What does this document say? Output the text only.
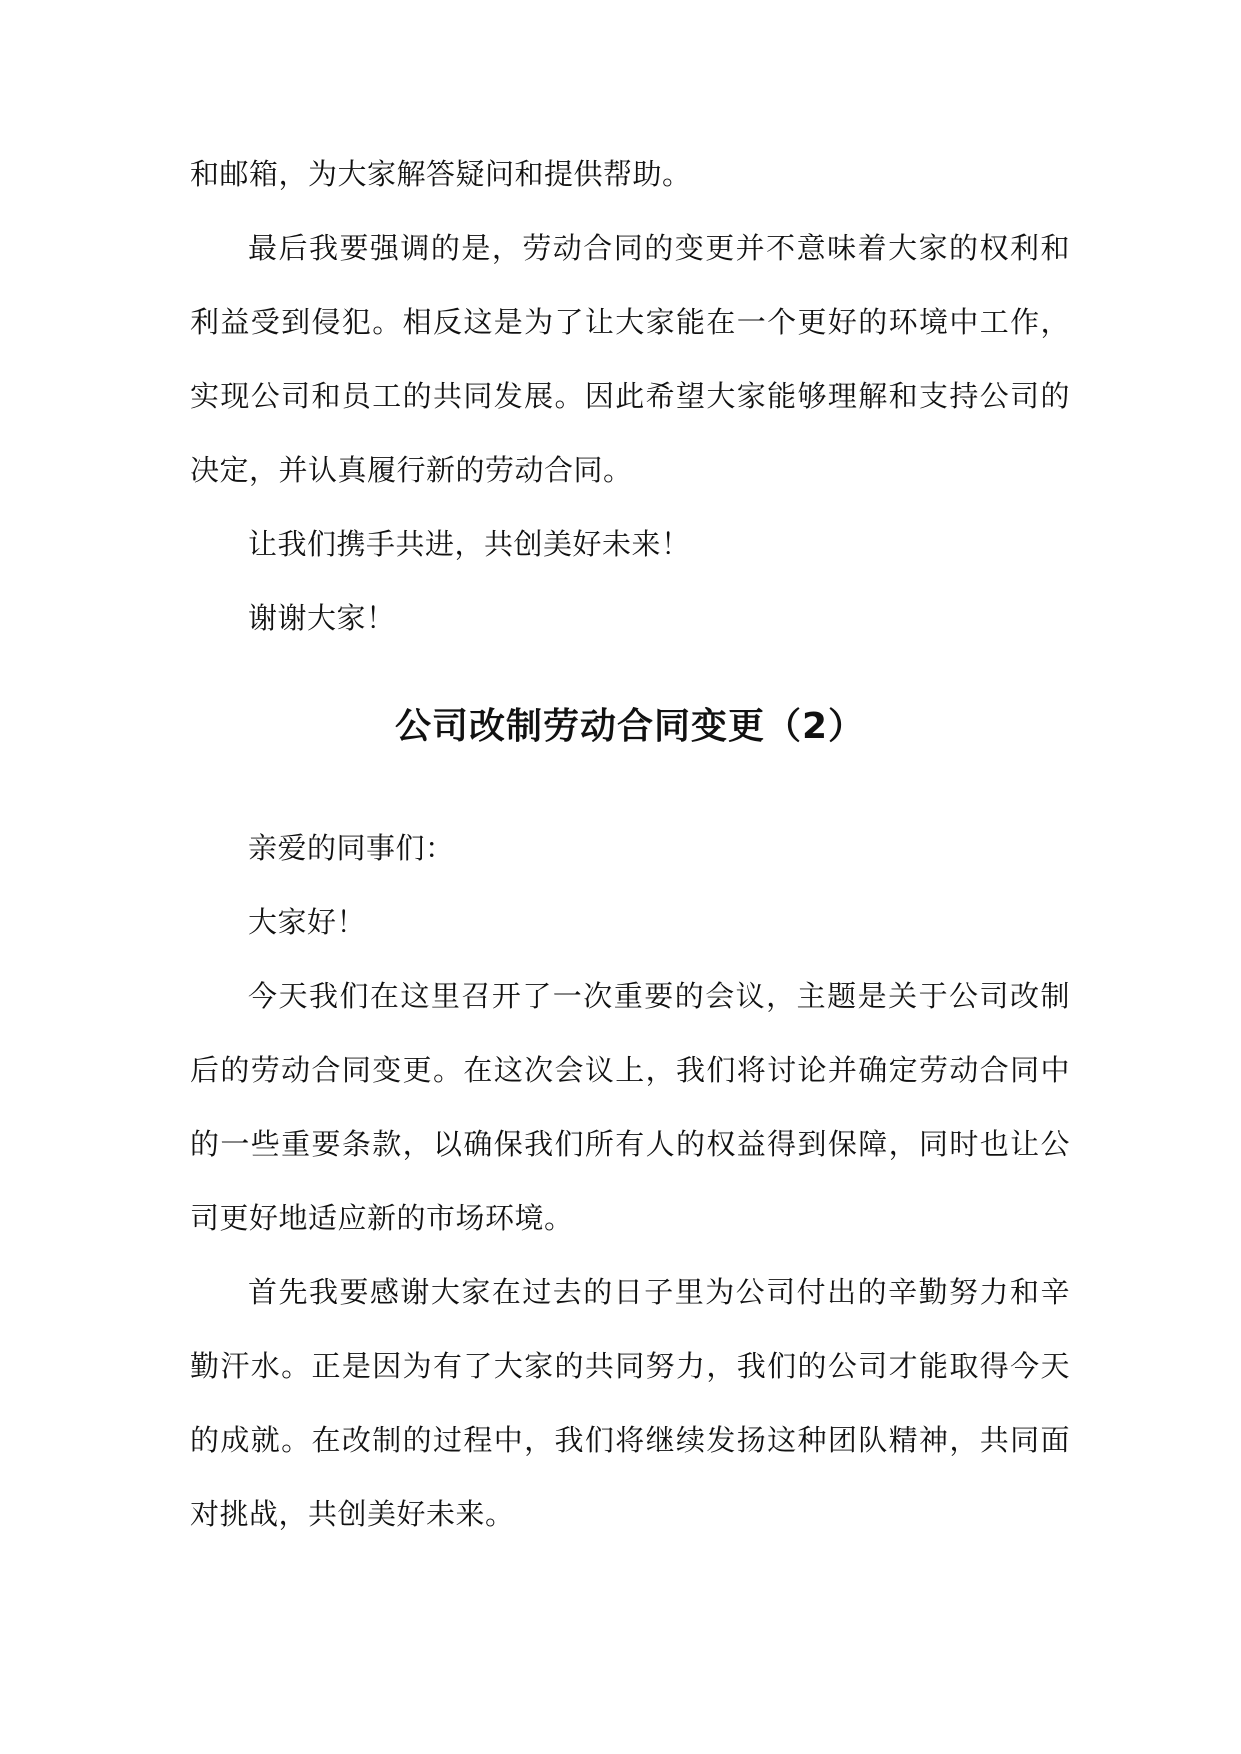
和邮箱，为大家解答疑问和提供帮助。

最后我要强调的是，劳动合同的变更并不意味着大家的权利和利益受到侵犯。相反这是为了让大家能在一个更好的环境中工作，实现公司和员工的共同发展。因此希望大家能够理解和支持公司的决定，并认真履行新的劳动合同。

让我们携手共进，共创美好未来！

谢谢大家！

公司改制劳动合同变更（2）

亲爱的同事们：

大家好！

今天我们在这里召开了一次重要的会议，主题是关于公司改制后的劳动合同变更。在这次会议上，我们将讨论并确定劳动合同中的一些重要条款，以确保我们所有人的权益得到保障，同时也让公司更好地适应新的市场环境。

首先我要感谢大家在过去的日子里为公司付出的辛勤努力和辛勤汗水。正是因为有了大家的共同努力，我们的公司才能取得今天的成就。在改制的过程中，我们将继续发扬这种团队精神，共同面对挑战，共创美好未来。
